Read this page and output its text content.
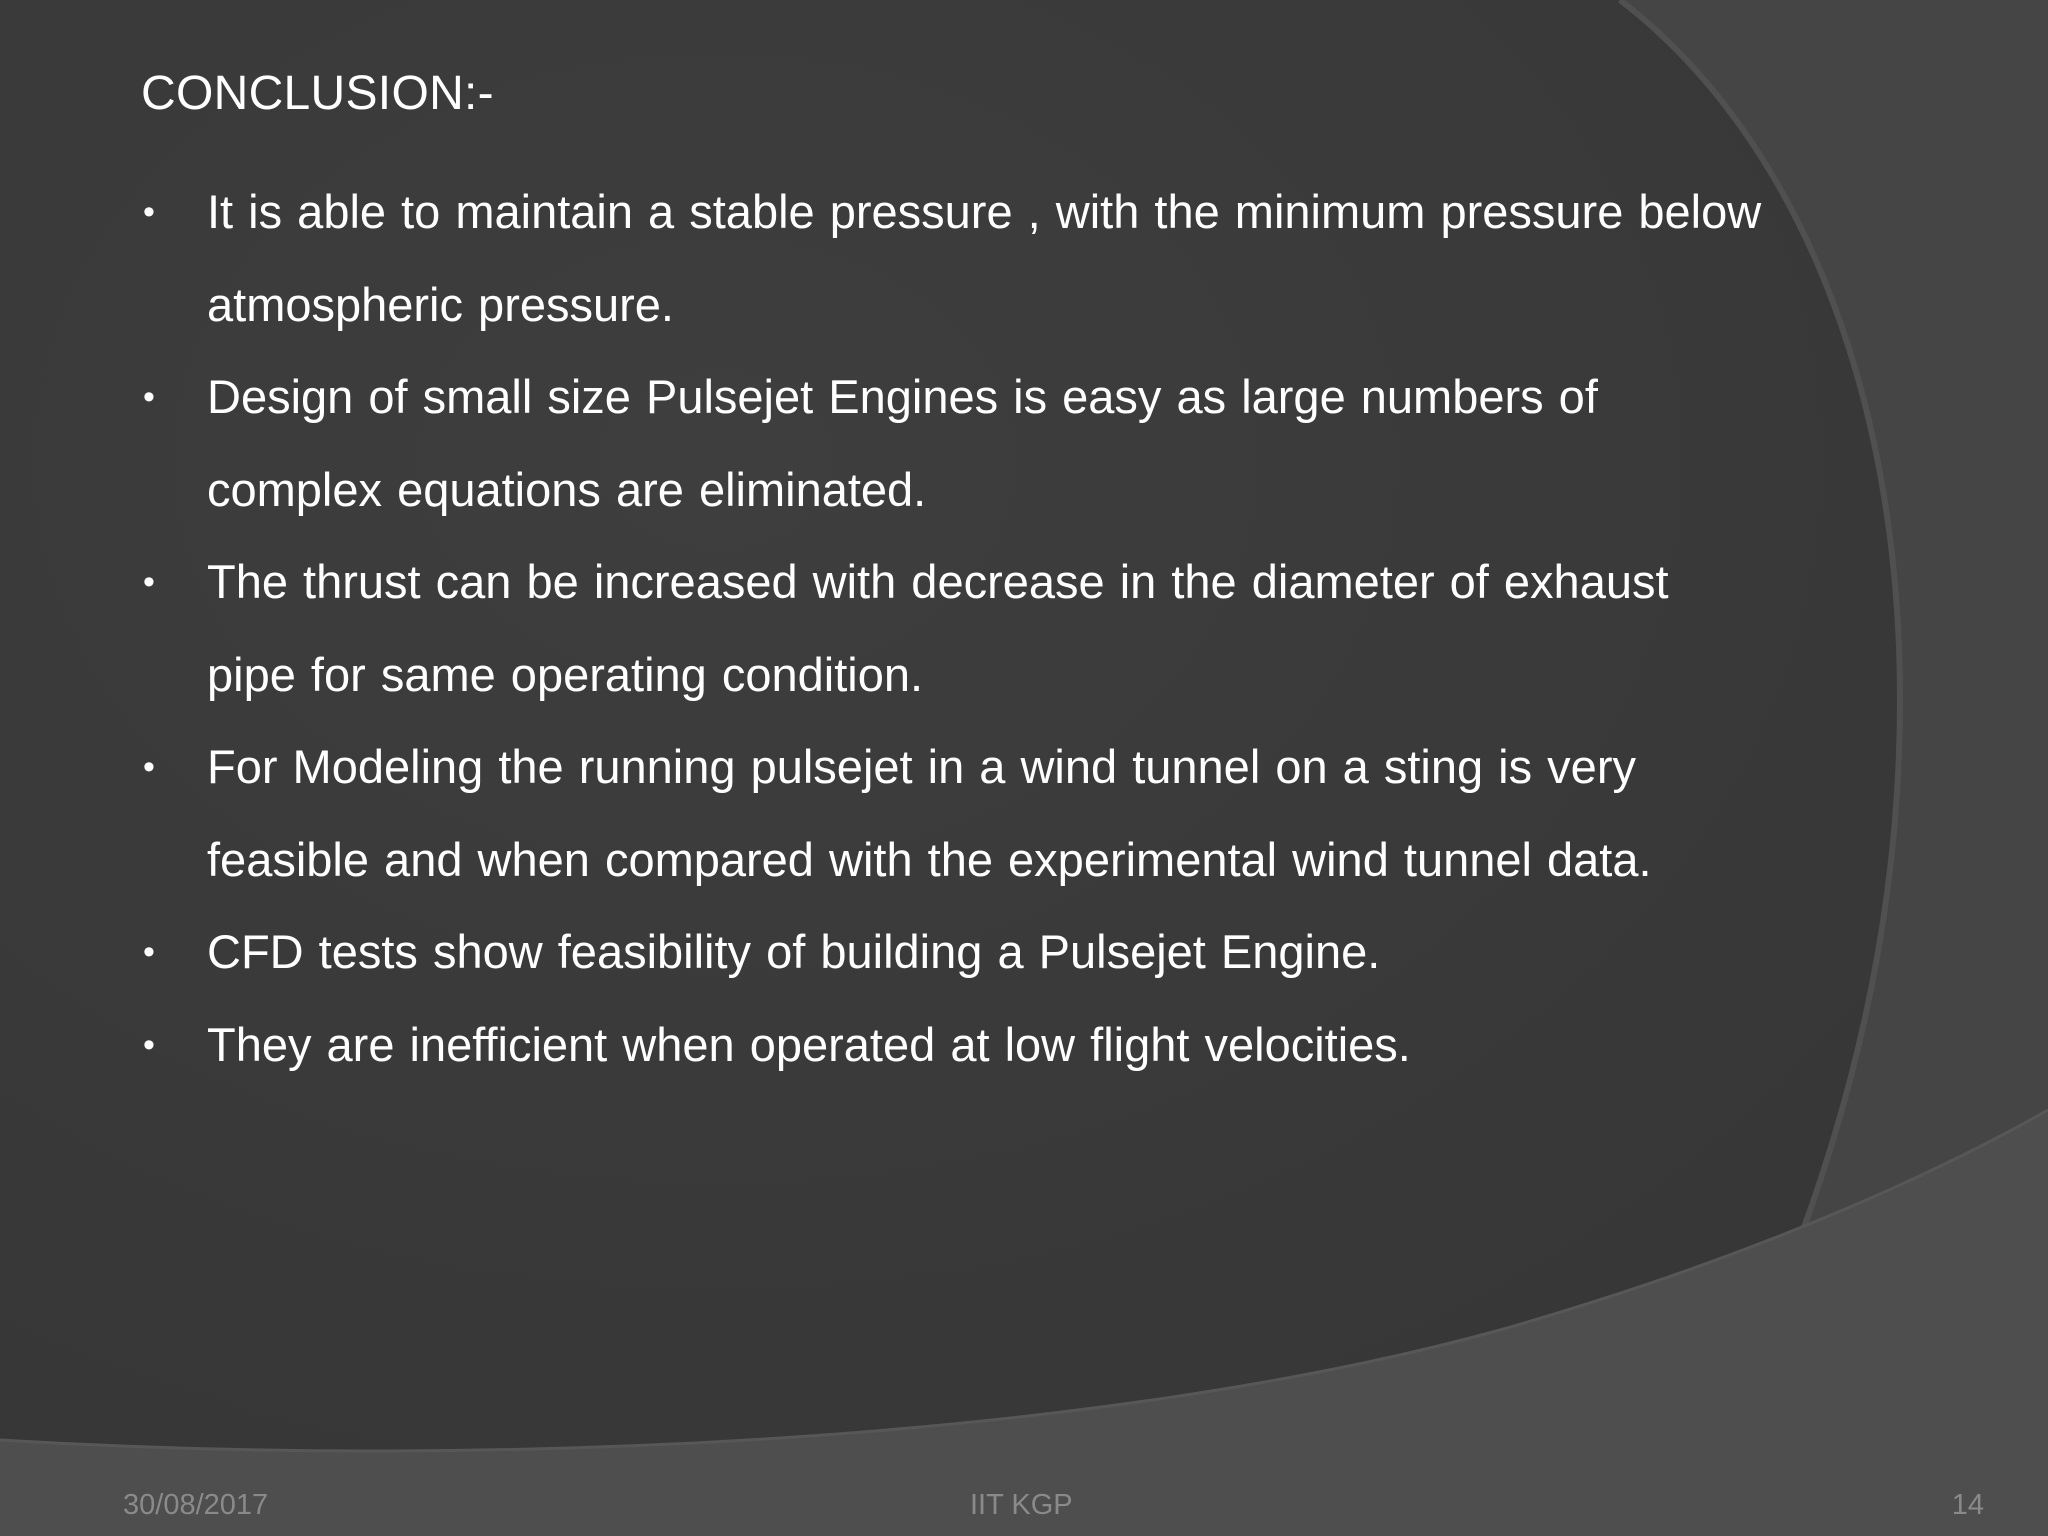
CONCLUSION:-
• It is able to maintain a stable pressure , with the minimum pressure below
atmospheric pressure.
• Design of small size Pulsejet Engines is easy as large numbers of
complex equations are eliminated.
• The thrust can be increased with decrease in the diameter of exhaust
pipe for same operating condition.
• For Modeling the running pulsejet in a wind tunnel on a sting is very
feasible and when compared with the experimental wind tunnel data.
• CFD tests show feasibility of building a Pulsejet Engine.
• They are inefficient when operated at low flight velocities.
30/08/2017	IIT KGP	14
